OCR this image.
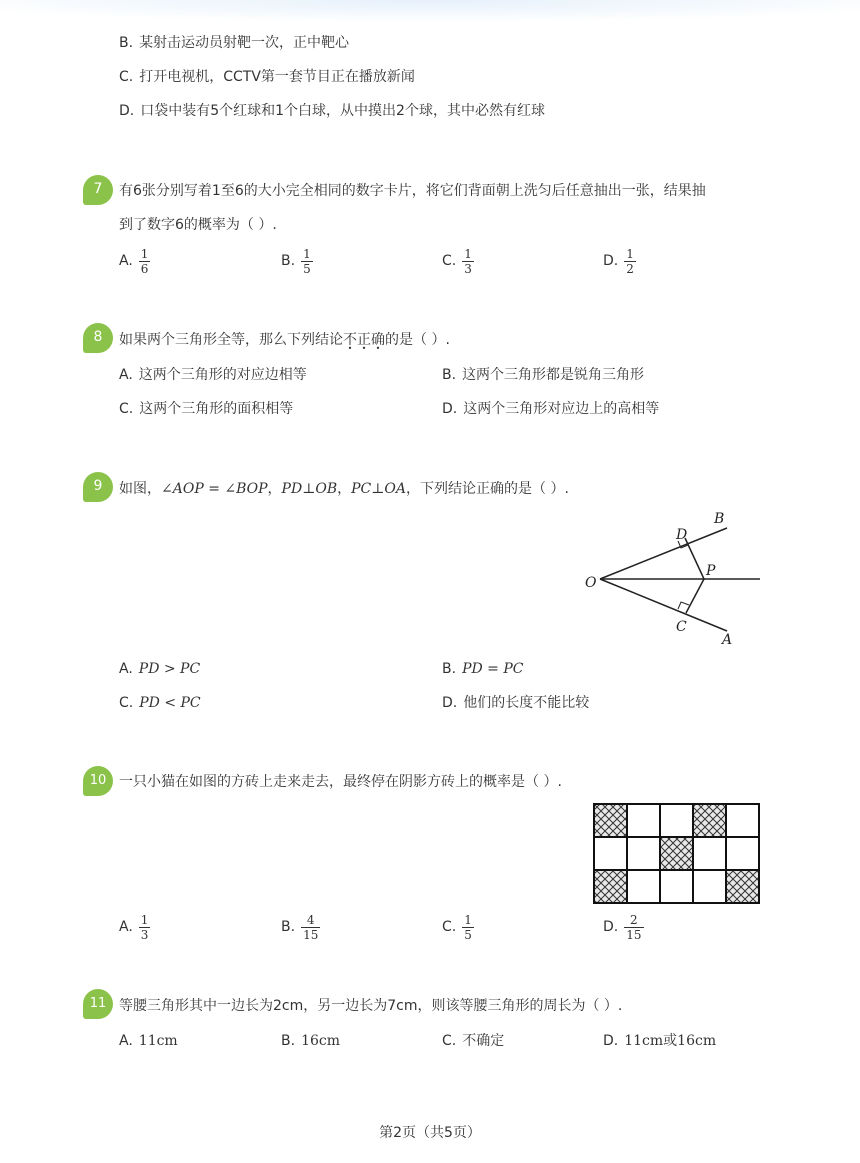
B. 某射击运动员射靶一次，正中靶心
C. 打开电视机，CCTV第一套节目正在播放新闻
D. 口袋中装有5个红球和1个白球，从中摸出2个球，其中必然有红球
7	有6张分别写着1至6的大小完全相同的数字卡片，将它们背面朝上洗匀后任意抽出一张，结果抽
到了数字6的概率为（ ）.
A. $\frac{1}{6}$	B. $\frac{1}{5}$	C. $\frac{1}{3}$	D. $\frac{1}{2}$
8	如果两个三角形全等，那么下列结论不正确的是（ ）.
A. 这两个三角形的对应边相等	B. 这两个三角形都是锐角三角形
C. 这两个三角形的面积相等	D. 这两个三角形对应边上的高相等
9	如图，∠AOP = ∠BOP，PD⊥OB，PC⊥OA，下列结论正确的是（ ）.
O
P
B
D
C
A
A. PD > PC	B. PD = PC
C. PD < PC	D. 他们的长度不能比较
10 一只小猫在如图的方砖上走来走去，最终停在阴影方砖上的概率是（ ）.
A. $\frac{1}{3}$	B. $\frac{4}{15}$	C. $\frac{1}{5}$	D. $\frac{2}{15}$
11 等腰三角形其中一边长为2cm，另一边长为7cm，则该等腰三角形的周长为（ ）.
A. 11cm	B. 16cm	C. 不确定	D. 11cm或16cm
第2页（共5页）
